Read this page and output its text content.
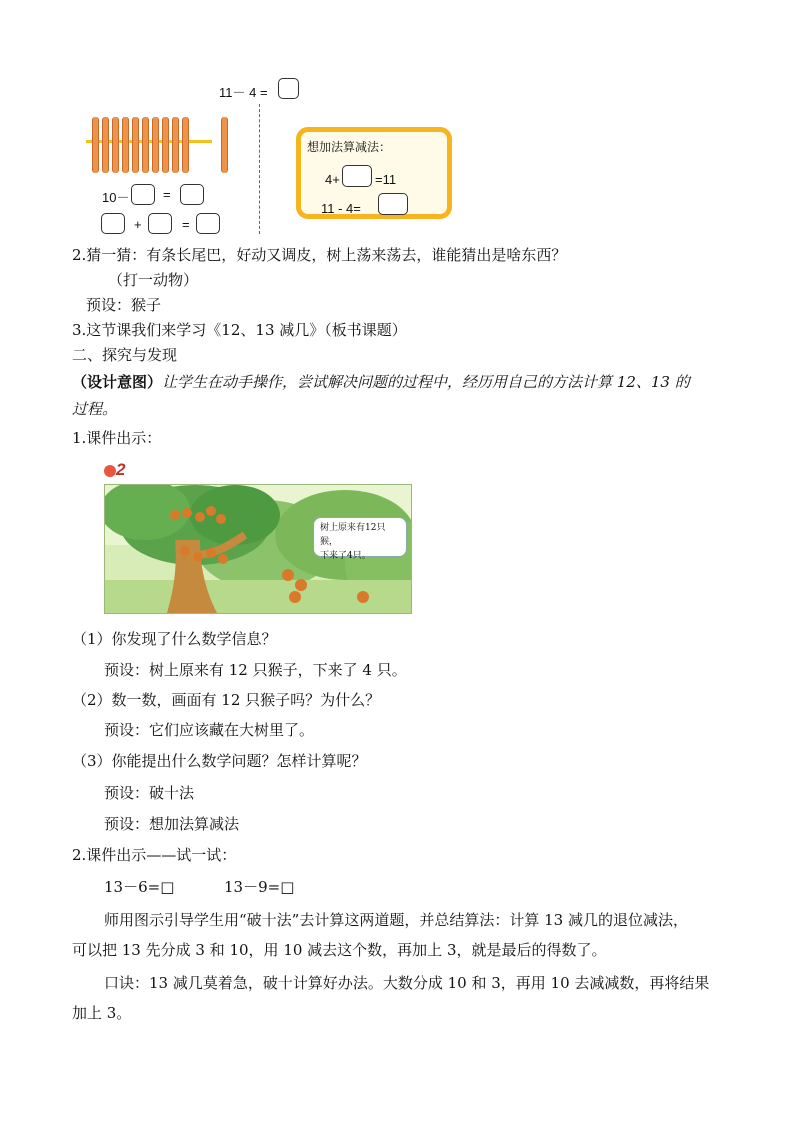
11－ 4 =
10－	=
+	=
想加法算减法：
4+	=11
11 - 4=
2.猜一猜：有条长尾巴，好动又调皮，树上荡来荡去，谁能猜出是啥东西？
（打一动物）
预设：猴子
3.这节课我们来学习《12、13 减几》（板书课题）
二、探究与发现
（设计意图）让学生在动手操作，尝试解决问题的过程中，经历用自己的方法计算 12、13 的
过程。
1.课件出示：
树上原来有12只猴，
下来了4只。
2
（1）你发现了什么数学信息？
预设：树上原来有 12 只猴子，下来了 4 只。
（2）数一数，画面有 12 只猴子吗？为什么？
预设：它们应该藏在大树里了。
（3）你能提出什么数学问题？怎样计算呢？
预设：破十法
预设：想加法算减法
2.课件出示——试一试：
13－6=□	13－9=□
师用图示引导学生用“破十法”去计算这两道题，并总结算法：计算 13 减几的退位减法，
可以把 13 先分成 3 和 10，用 10 减去这个数，再加上 3，就是最后的得数了。
口诀：13 减几莫着急，破十计算好办法。大数分成 10 和 3，再用 10 去减减数，再将结果
加上 3。
